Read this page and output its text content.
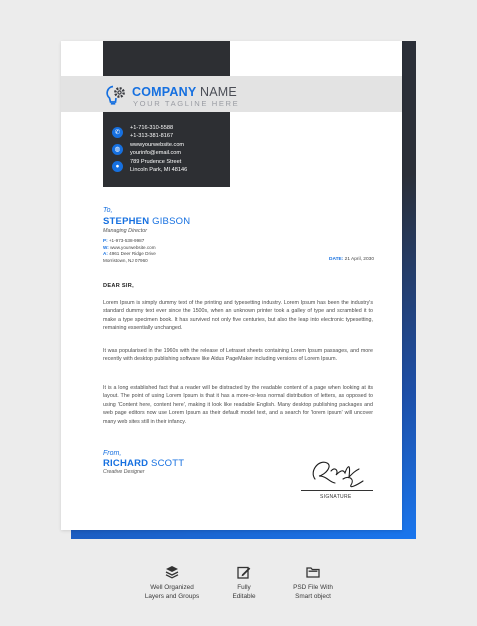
COMPANY NAME
YOUR TAGLINE HERE
✆
+1-716-310-5588
+1-313-381-8167
◍
wwwyourwebsite.com
yourinfo@email.com
●
789 Prudence Street
Lincoln Park, MI 48146
To,
STEPHEN GIBSON
Managing Director
P: +1-973-538-9987
W: www.yourwebsite.com
A: 4961 Deer Ridge Drive
Morristown, NJ 07960	DATE: 21 April, 2030
DEAR SIR,

Lorem Ipsum is simply dummy text of the printing and typesetting industry. Lorem Ipsum has been the industry's standard dummy text ever since the 1500s, when an unknown printer took a galley of type and scrambled it to make a type specimen book. It has survived not only five centuries, but also the leap into electronic typesetting, remaining essentially unchanged.

It was popularised in the 1960s with the release of Letraset sheets containing Lorem Ipsum passages, and more recently with desktop publishing software like Aldus PageMaker including versions of Lorem Ipsum.

It is a long established fact that a reader will be distracted by the readable content of a page when looking at its layout. The point of using Lorem Ipsum is that it has a more-or-less normal distribution of letters, as opposed to using 'Content here, content here', making it look like readable English. Many desktop publishing packages and web page editors now use Lorem Ipsum as their default model text, and a search for 'lorem ipsum' will uncover many web sites still in their infancy.

From,
RICHARD SCOTT
Creative Designer
SIGNATURE
Well Organized
Layers and Groups
Fully
Editable
PSD File With
Smart object
